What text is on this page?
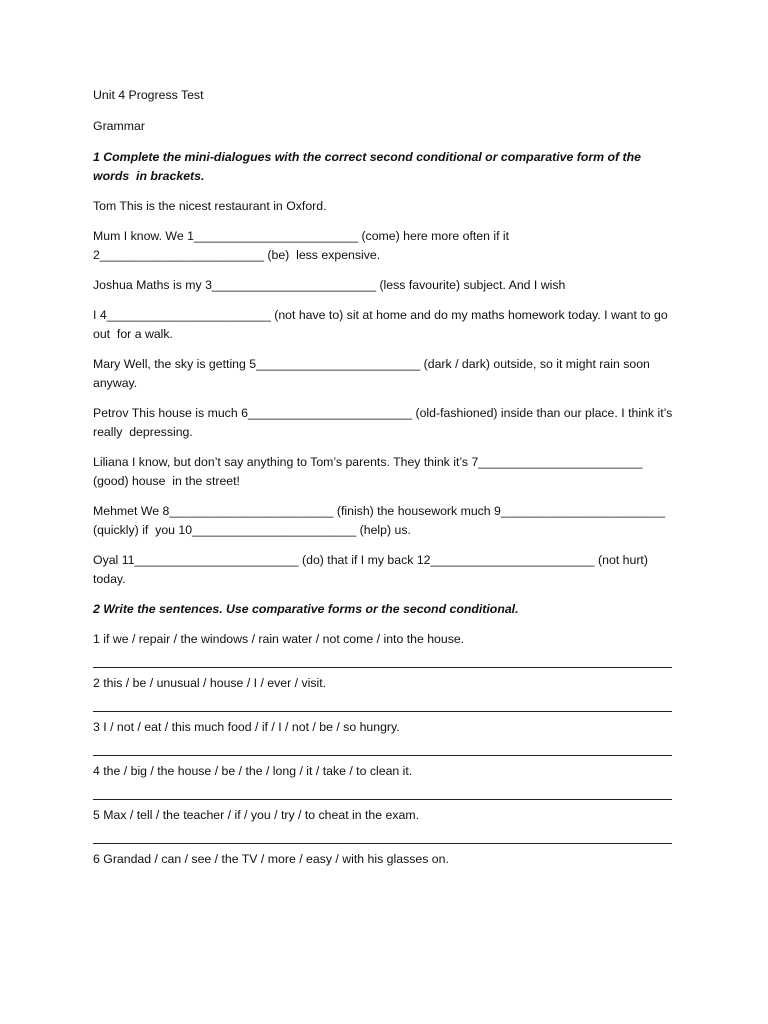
Unit 4 Progress Test

Grammar

1 Complete the mini-dialogues with the correct second conditional or comparative form of the words  in brackets.

Tom This is the nicest restaurant in Oxford.

Mum I know. We 1________________________ (come) here more often if it 2________________________ (be)  less expensive.

Joshua Maths is my 3________________________ (less favourite) subject. And I wish

I 4________________________ (not have to) sit at home and do my maths homework today. I want to go out  for a walk.

Mary Well, the sky is getting 5________________________ (dark / dark) outside, so it might rain soon anyway.

Petrov This house is much 6________________________ (old-fashioned) inside than our place. I think it’s really  depressing.

Liliana I know, but don’t say anything to Tom’s parents. They think it’s 7________________________ (good) house  in the street!

Mehmet We 8________________________ (finish) the housework much 9________________________ (quickly) if  you 10________________________ (help) us.

Oyal 11________________________ (do) that if I my back 12________________________ (not hurt) today.

2 Write the sentences. Use comparative forms or the second conditional.

1 if we / repair / the windows / rain water / not come / into the house.

2 this / be / unusual / house / I / ever / visit.

3 I / not / eat / this much food / if / I / not / be / so hungry.

4 the / big / the house / be / the / long / it / take / to clean it.

5 Max / tell / the teacher / if / you / try / to cheat in the exam.

6 Grandad / can / see / the TV / more / easy / with his glasses on.
